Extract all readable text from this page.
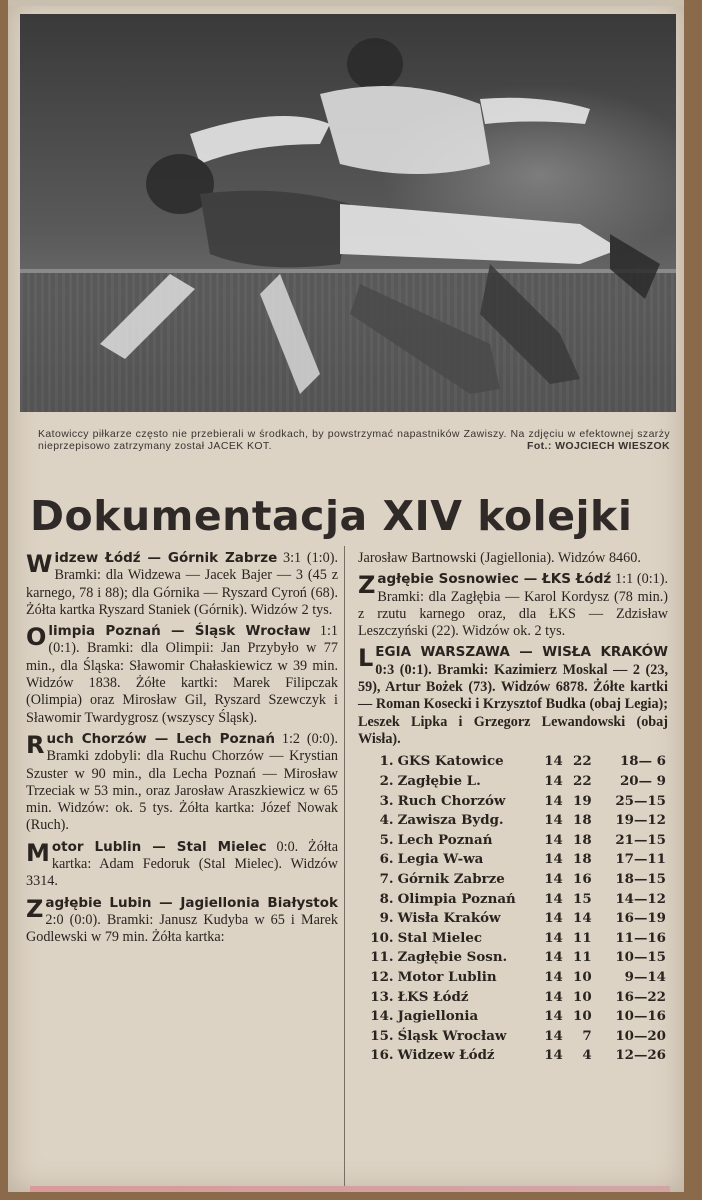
Katowiccy piłkarze często nie przebierali w środkach, by powstrzymać napastników Zawiszy. Na zdjęciu w efektownej szarży nieprzepisowo zatrzymany został JACEK KOT.	Fot.: WOJCIECH WIESZOK
Dokumentacja XIV kolejki
W idzew Łódź — Górnik Zabrze 3:1 (1:0). Bramki: dla Widzewa — Jacek Bajer — 3 (45 z karnego, 78 i 88); dla Górnika — Ryszard Cyroń (68). Żółta kartka Ryszard Staniek (Górnik). Widzów 2 tys.
O limpia Poznań — Śląsk Wrocław 1:1 (0:1). Bramki: dla Olimpii: Jan Przybyło w 77 min., dla Śląska: Sławomir Chałaskiewicz w 39 min. Widzów 1838. Żółte kartki: Marek Filipczak (Olimpia) oraz Mirosław Gil, Ryszard Szewczyk i Sławomir Twardygrosz (wszyscy Śląsk).
R uch Chorzów — Lech Poznań 1:2 (0:0). Bramki zdobyli: dla Ruchu Chorzów — Krystian Szuster w 90 min., dla Lecha Poznań — Mirosław Trzeciak w 53 min., oraz Jarosław Araszkiewicz w 65 min. Widzów: ok. 5 tys. Żółta kartka: Józef Nowak (Ruch).
M otor Lublin — Stal Mielec 0:0. Żółta kartka: Adam Fedoruk (Stal Mielec). Widzów 3314.
Z agłębie Lubin — Jagiellonia Białystok 2:0 (0:0). Bramki: Janusz Kudyba w 65 i Marek Godlewski w 79 min. Żółta kartka:
Jarosław Bartnowski (Jagiellonia). Widzów 8460.
Z agłębie Sosnowiec — ŁKS Łódź 1:1 (0:1). Bramki: dla Zagłębia — Karol Kordysz (78 min.) z rzutu karnego oraz, dla ŁKS — Zdzisław Leszczyński (22). Widzów ok. 2 tys.
L EGIA WARSZAWA — WISŁA KRAKÓW 0:3 (0:1). Bramki: Kazimierz Moskal — 2 (23, 59), Artur Bożek (73). Widzów 6878. Żółte kartki — Roman Kosecki i Krzysztof Budka (obaj Legia); Leszek Lipka i Grzegorz Lewandowski (obaj Wisła).
1.	GKS Katowice	14	22	18— 6
2.	Zagłębie L.	14	22	20— 9
3.	Ruch Chorzów	14	19	25—15
4.	Zawisza Bydg.	14	18	19—12
5.	Lech Poznań	14	18	21—15
6.	Legia W-wa	14	18	17—11
7.	Górnik Zabrze	14	16	18—15
8.	Olimpia Poznań	14	15	14—12
9.	Wisła Kraków	14	14	16—19
10.	Stal Mielec	14	11	11—16
11.	Zagłębie Sosn.	14	11	10—15
12.	Motor Lublin	14	10	9—14
13.	ŁKS Łódź	14	10	16—22
14.	Jagiellonia	14	10	10—16
15.	Śląsk Wrocław	14	7	10—20
16.	Widzew Łódź	14	4	12—26
